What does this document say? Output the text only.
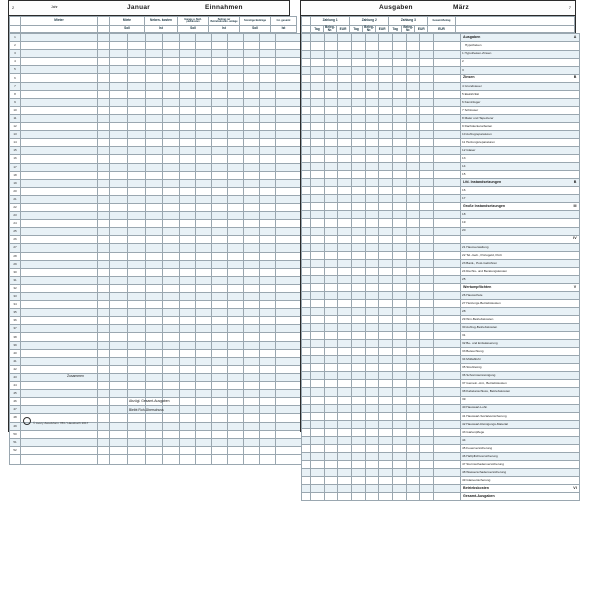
2	Jahr	Januar	Einnahmen
	Mieter		Miete	Neben- kosten	Garage u. Stell- platzkosten	Beitrag zur Betriebskosten- umlage	Sonstige Beiträge	Ist- gesamt
			Soll	Ist	Soll	Ist	Soll	Ist
1													
2													
3													
4													
5													
6													
7													
8													
9													
10													
11													
12													
13													
14													
15													
16													
17													
18													
19													
20													
21													
22													
23													
24													
25													
26													
27													
28													
29													
30													
31													
32													
33													
34													
35													
36													
37													
38													
39													
40													
41													
42													
43													
44													
45													
46													
47													
48													
49													
50													
51													
52													

Zusammen
Abzügl. Gesamt-Ausgaben
Bleibt Roh-Überschuss
© Avery Zweckform 783 / Hausbuch 2017
Ausgaben	März	7
	Zahlung 1	Zahlung 2	Zahlung 3	Gesamt-Betrag	

Tag	Beleg-Nr.	EUR
	Tag	Beleg-Nr.	EUR
	Tag	Beleg-Nr.	EUR
		EUR	
											Ausgaben A

											Hypotheken
											1 Hypotheken-Zinsen
											2
											3
											Zinsen B

											4 Grundsteuer
											5 Elektrizität
											6 Kaminfeger
											7 Schlosser
											8 Maler und Tapezierer
											9 Dachdeckerarbeiten
											10 Aufzugreparaturen
											11 Heizungsreparaturen
											12 Glaser
											13
											14
											15
											Lfd. Instandsetzungen B

											16
											17
											Große Instandsetzungen III

											18
											19
											20

											IV

											21 Hausverwaltung
											22 Tel.-Geb., Portogeld, Porti
											23 Bank-, Post-Gebühren
											24 Rechts- und Beratungskosten
											25
											Wertumpflichten V

											26 Hausschule
											27 Heizungs-Betriebskosten
											28
											29 Wm-Betriebskosten
											30 Aufzug-Betriebskosten
											31
											32 Be- und Entwässerung
											33 Beleuchtung
											34 Müllabfuhr
											35 Streßreinig
											36 Schornsteinreinigung
											37 Gemein.-Ant., Betriebskosten
											38 Kabelanschluss, Betriebskosten
											39
											40 Hauswart-Lohn
											41 Hauswart-Sozialversicherung
											42 Hauswart-Reinigungs-Material
											43 Gartenpflege
											44
											45 Feuerversicherung
											46 Haftpflichtversicherung
											47 Sturmschadenversicherung
											48 Wasserschadenversicherung
											49 Glasversicherung
											Betriebskosten VI

											Gesamt-Ausgaben
